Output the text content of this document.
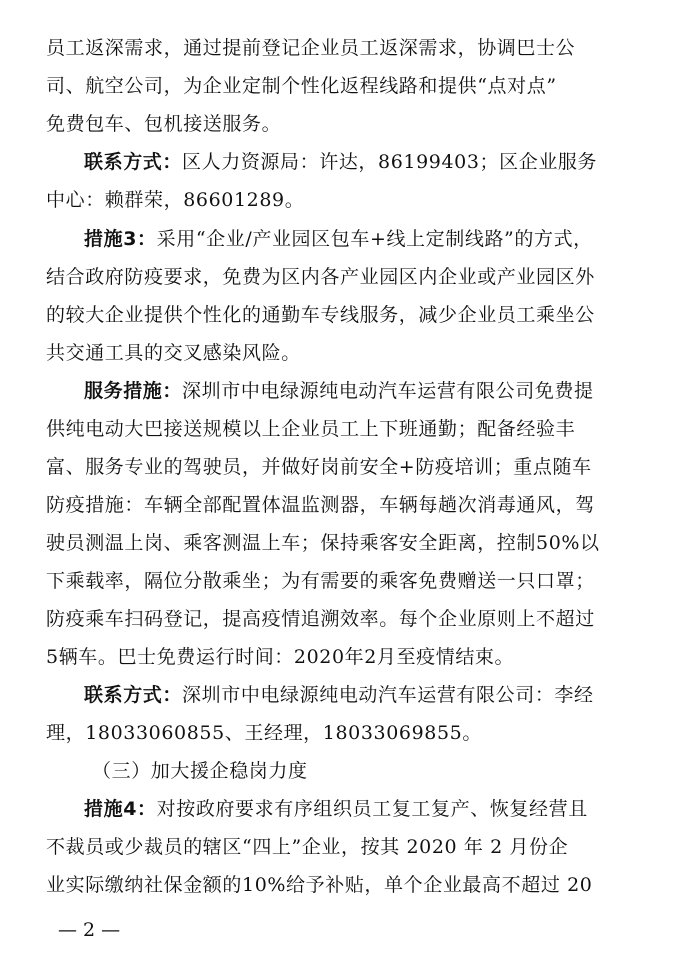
员工返深需求，通过提前登记企业员工返深需求，协调巴士公
司、航空公司，为企业定制个性化返程线路和提供“点对点”
免费包车、包机接送服务。
联系方式：区人力资源局：许达，86199403；区企业服务
中心：赖群荣，86601289。
措施3：采用“企业/产业园区包车+线上定制线路”的方式，
结合政府防疫要求，免费为区内各产业园区内企业或产业园区外
的较大企业提供个性化的通勤车专线服务，减少企业员工乘坐公
共交通工具的交叉感染风险。
服务措施：深圳市中电绿源纯电动汽车运营有限公司免费提
供纯电动大巴接送规模以上企业员工上下班通勤；配备经验丰
富、服务专业的驾驶员，并做好岗前安全+防疫培训；重点随车
防疫措施：车辆全部配置体温监测器，车辆每趟次消毒通风，驾
驶员测温上岗、乘客测温上车；保持乘客安全距离，控制50%以
下乘载率，隔位分散乘坐；为有需要的乘客免费赠送一只口罩；
防疫乘车扫码登记，提高疫情追溯效率。每个企业原则上不超过
5辆车。巴士免费运行时间：2020年2月至疫情结束。
联系方式：深圳市中电绿源纯电动汽车运营有限公司：李经
理，18033060855、王经理，18033069855。
（三）加大援企稳岗力度
措施4：对按政府要求有序组织员工复工复产、恢复经营且
不裁员或少裁员的辖区“四上”企业，按其 2020 年 2 月份企
业实际缴纳社保金额的10%给予补贴，单个企业最高不超过 20
— 2 —
